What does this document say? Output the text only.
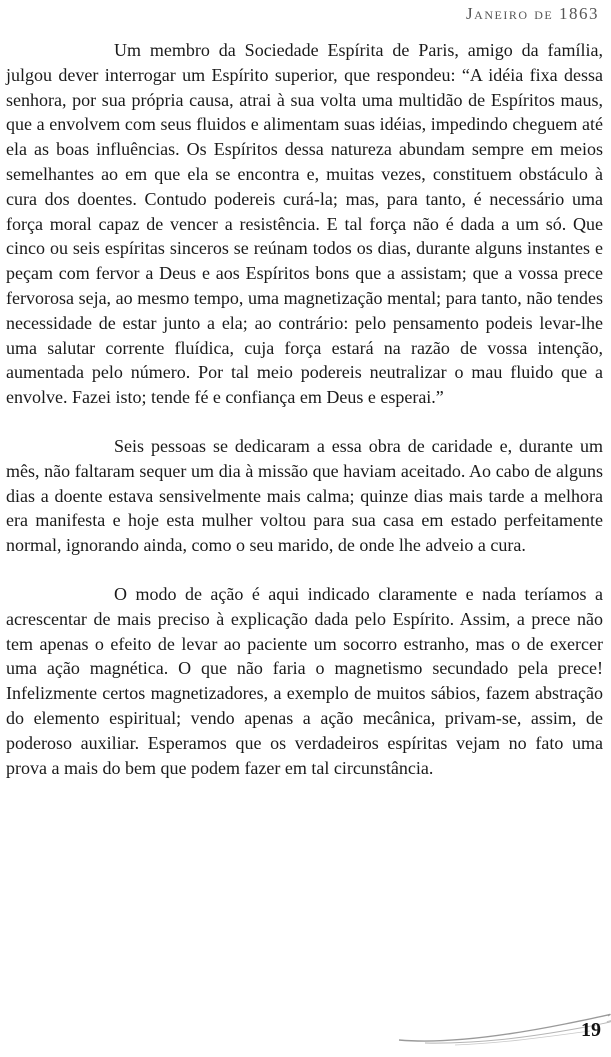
Janeiro de 1863

Um membro da Sociedade Espírita de Paris, amigo da família, julgou dever interrogar um Espírito superior, que respondeu: “A idéia fixa dessa senhora, por sua própria causa, atrai à sua volta uma multidão de Espíritos maus, que a envolvem com seus fluidos e alimentam suas idéias, impedindo cheguem até ela as boas influências. Os Espíritos dessa natureza abundam sempre em meios semelhantes ao em que ela se encontra e, muitas vezes, constituem obstáculo à cura dos doentes. Contudo podereis curá-la; mas, para tanto, é necessário uma força moral capaz de vencer a resistência. E tal força não é dada a um só. Que cinco ou seis espíritas sinceros se reúnam todos os dias, durante alguns instantes e peçam com fervor a Deus e aos Espíritos bons que a assistam; que a vossa prece fervorosa seja, ao mesmo tempo, uma magnetização mental; para tanto, não tendes necessidade de estar junto a ela; ao contrário: pelo pensamento podeis levar-lhe uma salutar corrente fluídica, cuja força estará na razão de vossa intenção, aumentada pelo número. Por tal meio podereis neutralizar o mau fluido que a envolve. Fazei isto; tende fé e confiança em Deus e esperai.”

Seis pessoas se dedicaram a essa obra de caridade e, durante um mês, não faltaram sequer um dia à missão que haviam aceitado. Ao cabo de alguns dias a doente estava sensivelmente mais calma; quinze dias mais tarde a melhora era manifesta e hoje esta mulher voltou para sua casa em estado perfeitamente normal, ignorando ainda, como o seu marido, de onde lhe adveio a cura.

O modo de ação é aqui indicado claramente e nada teríamos a acrescentar de mais preciso à explicação dada pelo Espírito. Assim, a prece não tem apenas o efeito de levar ao paciente um socorro estranho, mas o de exercer uma ação magnética. O que não faria o magnetismo secundado pela prece! Infelizmente certos magnetizadores, a exemplo de muitos sábios, fazem abstração do elemento espiritual; vendo apenas a ação mecânica, privam-se, assim, de poderoso auxiliar. Esperamos que os verdadeiros espíritas vejam no fato uma prova a mais do bem que podem fazer em tal circunstância.

19
